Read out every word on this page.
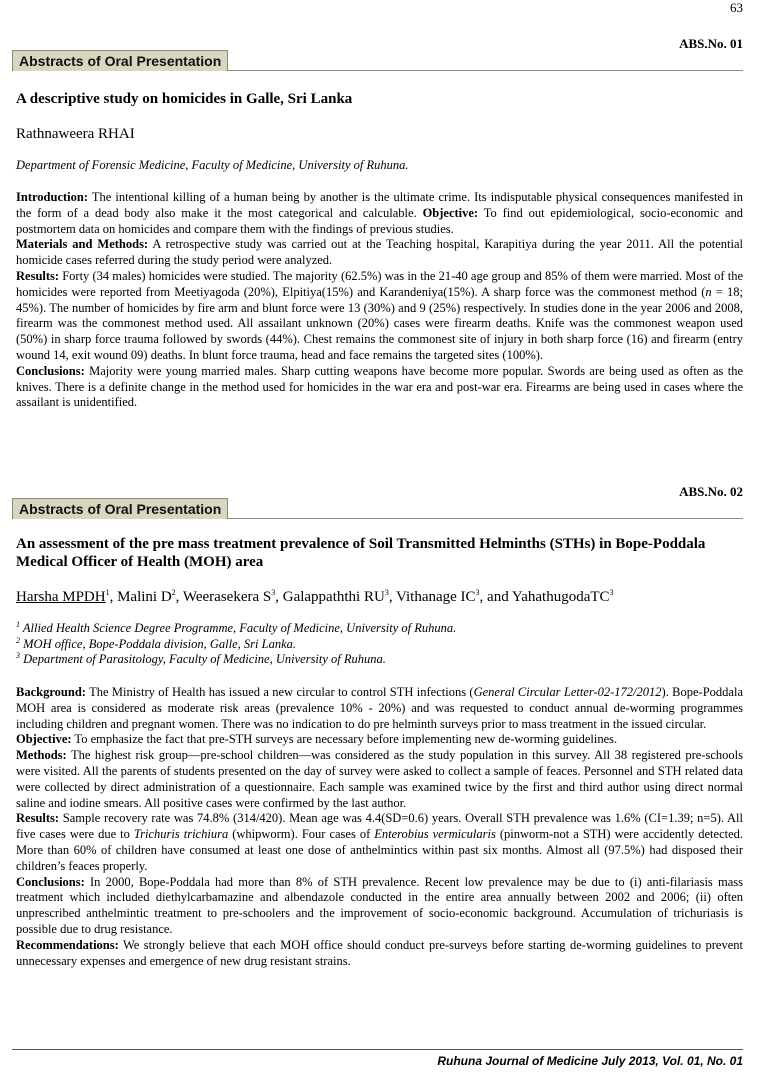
63
ABS.No. 01
Abstracts of Oral Presentation
A descriptive study on homicides in Galle, Sri Lanka
Rathnaweera RHAI
Department of Forensic Medicine, Faculty of Medicine, University of Ruhuna.

Introduction: The intentional killing of a human being by another is the ultimate crime. Its indisputable physical consequences manifested in the form of a dead body also make it the most categorical and calculable. Objective: To find out epidemiological, socio-economic and postmortem data on homicides and compare them with the findings of previous studies.

Materials and Methods: A retrospective study was carried out at the Teaching hospital, Karapitiya during the year 2011. All the potential homicide cases referred during the study period were analyzed.

Results: Forty (34 males) homicides were studied. The majority (62.5%) was in the 21-40 age group and 85% of them were married. Most of the homicides were reported from Meetiyagoda (20%), Elpitiya(15%) and Karandeniya(15%). A sharp force was the commonest method (n = 18; 45%). The number of homicides by fire arm and blunt force were 13 (30%) and 9 (25%) respectively. In studies done in the year 2006 and 2008, firearm was the commonest method used. All assailant unknown (20%) cases were firearm deaths. Knife was the commonest weapon used (50%) in sharp force trauma followed by swords (44%). Chest remains the commonest site of injury in both sharp force (16) and firearm (entry wound 14, exit wound 09) deaths. In blunt force trauma, head and face remains the targeted sites (100%).

Conclusions: Majority were young married males. Sharp cutting weapons have become more popular. Swords are being used as often as the knives. There is a definite change in the method used for homicides in the war era and post-war era. Firearms are being used in cases where the assailant is unidentified.

ABS.No. 02
Abstracts of Oral Presentation
An assessment of the pre mass treatment prevalence of Soil Transmitted Helminths (STHs) in Bope-Poddala Medical Officer of Health (MOH) area
Harsha MPDH$^1$, Malini $D^2$, Weerasekera $S^3$, Galappaththi $RU^3$, Vithanage $IC^3$, and YahathugodaTC$^3$
$^1$ Allied Health Science Degree Programme, Faculty of Medicine, University of Ruhuna.
$^2$ MOH office, Bope-Poddala division, Galle, Sri Lanka.
$^3$ Department of Parasitology, Faculty of Medicine, University of Ruhuna.

Background: The Ministry of Health has issued a new circular to control STH infections (General Circular Letter-02-172/2012). Bope-Poddala MOH area is considered as moderate risk areas (prevalence 10% - 20%) and was requested to conduct annual de-worming programmes including children and pregnant women. There was no indication to do pre helminth surveys prior to mass treatment in the issued circular.

Objective: To emphasize the fact that pre-STH surveys are necessary before implementing new de-worming guidelines.

Methods: The highest risk group—pre-school children—was considered as the study population in this survey. All 38 registered pre-schools were visited. All the parents of students presented on the day of survey were asked to collect a sample of feaces. Personnel and STH related data were collected by direct administration of a questionnaire. Each sample was examined twice by the first and third author using direct normal saline and iodine smears. All positive cases were confirmed by the last author.

Results: Sample recovery rate was 74.8% (314/420). Mean age was 4.4(SD=0.6) years. Overall STH prevalence was 1.6% (CI=1.39; n=5). All five cases were due to Trichuris trichiura (whipworm). Four cases of Enterobius vermicularis (pinworm-not a STH) were accidently detected. More than 60% of children have consumed at least one dose of anthelmintics within past six months. Almost all (97.5%) had disposed their children’s feaces properly.

Conclusions: In 2000, Bope-Poddala had more than 8% of STH prevalence. Recent low prevalence may be due to (i) anti-filariasis mass treatment which included diethylcarbamazine and albendazole conducted in the entire area annually between 2002 and 2006; (ii) often unprescribed anthelmintic treatment to pre-schoolers and the improvement of socio-economic background. Accumulation of trichuriasis is possible due to drug resistance.

Recommendations: We strongly believe that each MOH office should conduct pre-surveys before starting de-worming guidelines to prevent unnecessary expenses and emergence of new drug resistant strains.

Ruhuna Journal of Medicine July 2013, Vol. 01, No. 01
